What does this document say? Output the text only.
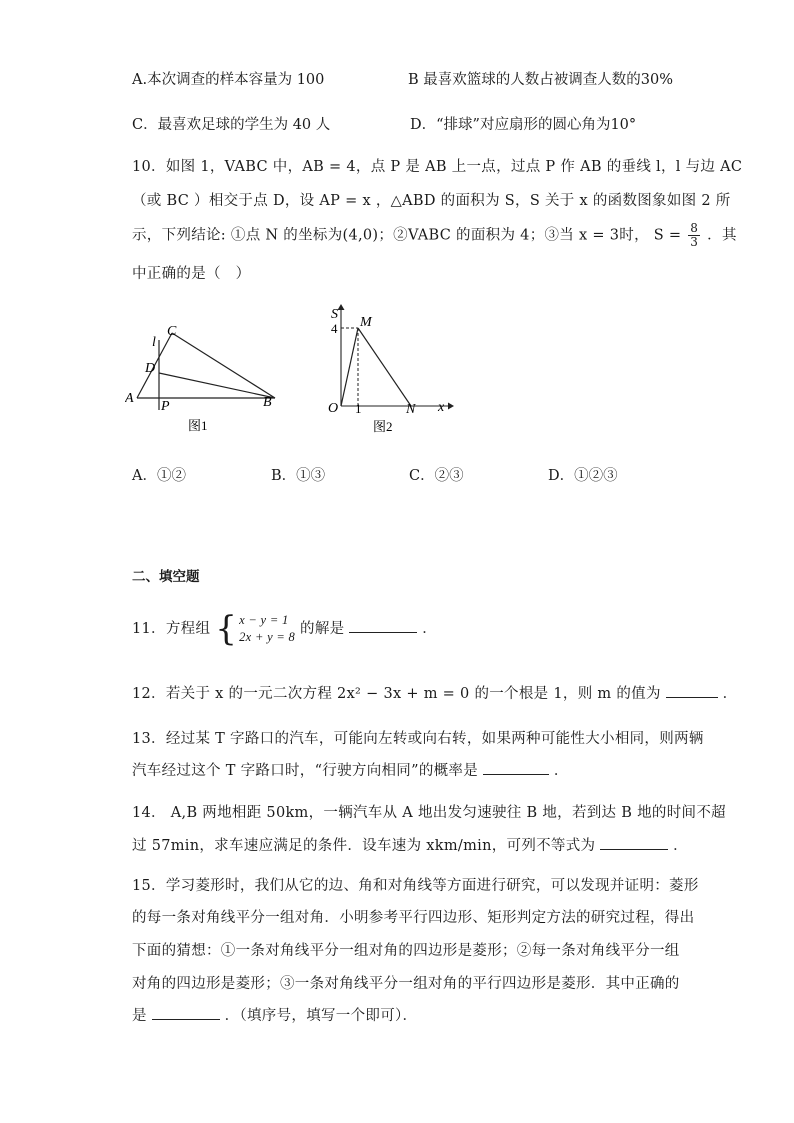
A.本次调查的样本容量为 100	B 最喜欢篮球的人数占被调查人数的30%
C．最喜欢足球的学生为 40 人	D．“排球”对应扇形的圆心角为10°
10．如图 1，VABC 中，AB = 4，点 P 是 AB 上一点，过点 P 作 AB 的垂线 l，l 与边 AC
（或 BC ）相交于点 D，设 AP = x ，△ABD 的面积为 S，S 关于 x 的函数图象如图 2 所
示，下列结论: ①点 N 的坐标为(4,0)；②VABC 的面积为 4；③当 x = 3时， $S = \frac{8}{3}$ ．其
中正确的是（　）
A	B
C
D
P
l
图1
S
4 M
O 1	N x
图2
A．①②	B．①③	C．②③	D．①②③
二、填空题
11．方程组 { x − y = 1
2x + y = 8 的解是	．
12．若关于 x 的一元二次方程 2x² − 3x + m = 0 的一个根是 1，则 m 的值为	．
13．经过某 T 字路口的汽车，可能向左转或向右转，如果两种可能性大小相同，则两辆
汽车经过这个 T 字路口时，“行驶方向相同”的概率是	．
14． A,B 两地相距 50km，一辆汽车从 A 地出发匀速驶往 B 地，若到达 B 地的时间不超
过 57min，求车速应满足的条件．设车速为 xkm/min，可列不等式为	．
15．学习菱形时，我们从它的边、角和对角线等方面进行研究，可以发现并证明：菱形
的每一条对角线平分一组对角．小明参考平行四边形、矩形判定方法的研究过程，得出
下面的猜想：①一条对角线平分一组对角的四边形是菱形；②每一条对角线平分一组
对角的四边形是菱形；③一条对角线平分一组对角的平行四边形是菱形．其中正确的
是	．（填序号，填写一个即可）．
